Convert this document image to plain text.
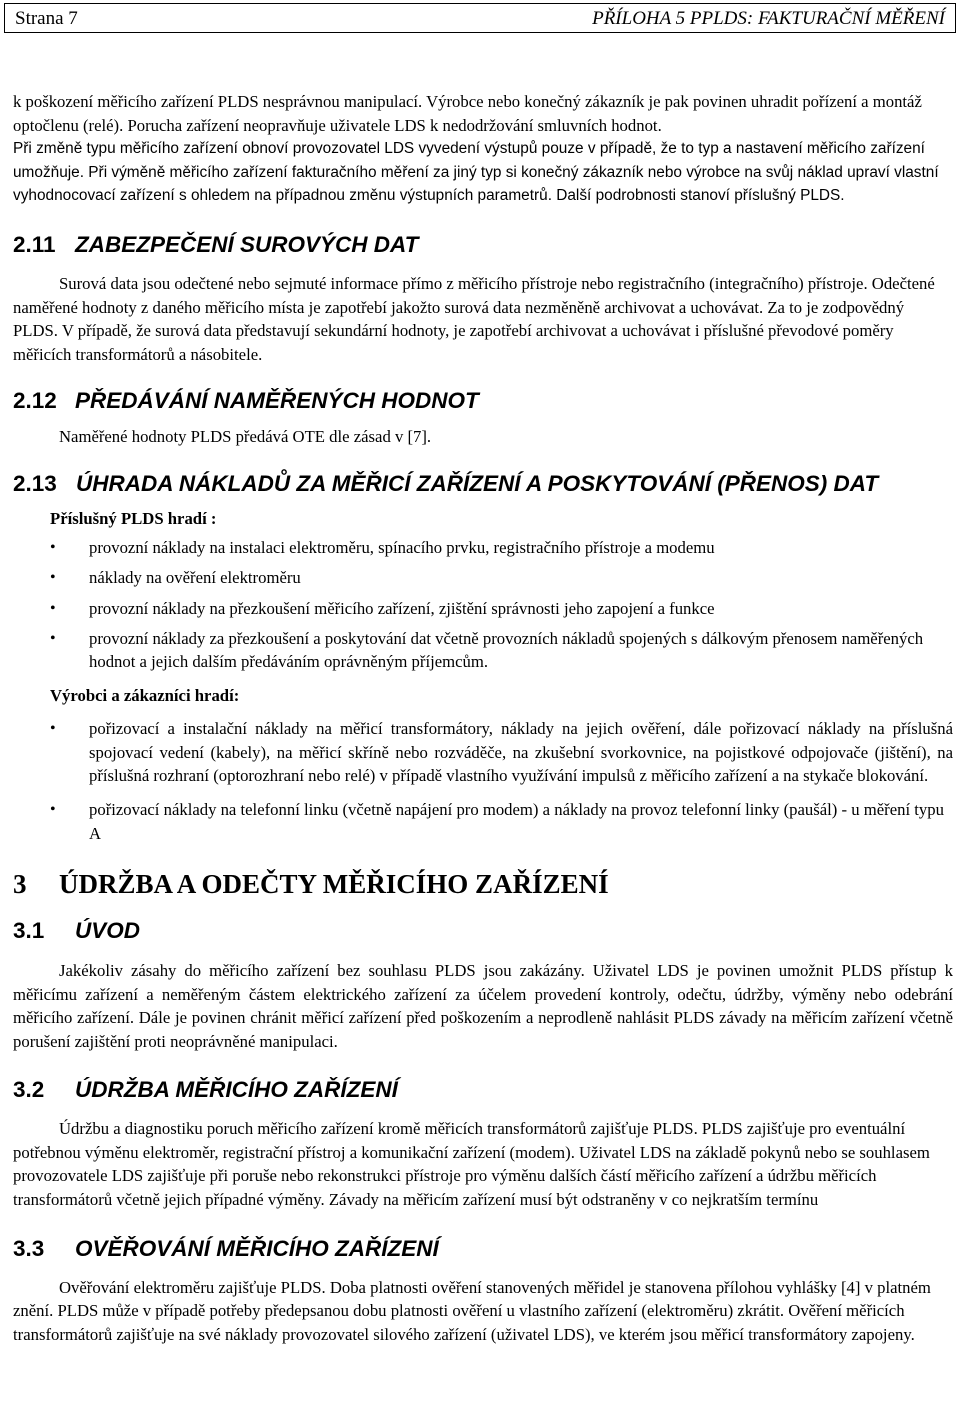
Strana 7	PŘÍLOHA 5 PPLDS: FAKTURAČNÍ MĚŘENÍ

k poškození měřicího zařízení PLDS nesprávnou manipulací. Výrobce nebo konečný zákazník je pak povinen uhradit pořízení a montáž optočlenu (relé). Porucha zařízení neopravňuje uživatele LDS k nedodržování smluvních hodnot.

Při změně typu měřicího zařízení obnoví provozovatel LDS vyvedení výstupů pouze v případě, že to typ a nastavení měřicího zařízení umožňuje. Při výměně měřicího zařízení fakturačního měření za jiný typ si konečný zákazník nebo výrobce na svůj náklad upraví vlastní vyhodnocovací zařízení s ohledem na případnou změnu výstupních parametrů. Další podrobnosti stanoví příslušný PLDS.

2.11 ZABEZPEČENÍ SUROVÝCH DAT

Surová data jsou odečtené nebo sejmuté informace přímo z měřicího přístroje nebo registračního (integračního) přístroje. Odečtené naměřené hodnoty z daného měřicího místa je zapotřebí jakožto surová data nezměněně archivovat a uchovávat. Za to je zodpovědný PLDS. V případě, že surová data představují sekundární hodnoty, je zapotřebí archivovat a uchovávat i příslušné převodové poměry měřicích transformátorů a násobitele.

2.12 PŘEDÁVÁNÍ NAMĚŘENÝCH HODNOT

Naměřené hodnoty PLDS předává OTE dle zásad v [7].

2.13 ÚHRADA NÁKLADŮ ZA MĚŘICÍ ZAŘÍZENÍ A POSKYTOVÁNÍ (PŘENOS) DAT

Příslušný PLDS hradí :

• provozní náklady na instalaci elektroměru, spínacího prvku, registračního přístroje a modemu
• náklady na ověření elektroměru
• provozní náklady na přezkoušení měřicího zařízení, zjištění správnosti jeho zapojení a funkce
• provozní náklady za přezkoušení a poskytování dat včetně provozních nákladů spojených s dálkovým přenosem naměřených hodnot a jejich dalším předáváním oprávněným příjemcům.

Výrobci a zákazníci hradí:

• pořizovací a instalační náklady na měřicí transformátory, náklady na jejich ověření, dále pořizovací náklady na příslušná spojovací vedení (kabely), na měřicí skříně nebo rozváděče, na zkušební svorkovnice, na pojistkové odpojovače (jištění), na příslušná rozhraní (optorozhraní nebo relé) v případě vlastního využívání impulsů z měřicího zařízení a na stykače blokování.
• pořizovací náklady na telefonní linku (včetně napájení pro modem) a náklady na provoz telefonní linky (paušál) - u měření typu A
3 ÚDRŽBA A ODEČTY MĚŘICÍHO ZAŘÍZENÍ
3.1 ÚVOD

Jakékoliv zásahy do měřicího zařízení bez souhlasu PLDS jsou zakázány. Uživatel LDS je povinen umožnit PLDS přístup k měřicímu zařízení a neměřeným částem elektrického zařízení za účelem provedení kontroly, odečtu, údržby, výměny nebo odebrání měřicího zařízení. Dále je povinen chránit měřicí zařízení před poškozením a neprodleně nahlásit PLDS závady na měřicím zařízení včetně porušení zajištění proti neoprávněné manipulaci.

3.2 ÚDRŽBA MĚŘICÍHO ZAŘÍZENÍ

Údržbu a diagnostiku poruch měřicího zařízení kromě měřicích transformátorů zajišťuje PLDS. PLDS zajišťuje pro eventuální potřebnou výměnu elektroměr, registrační přístroj a komunikační zařízení (modem). Uživatel LDS na základě pokynů nebo se souhlasem provozovatele LDS zajišťuje při poruše nebo rekonstrukci přístroje pro výměnu dalších částí měřicího zařízení a údržbu měřicích transformátorů včetně jejich případné výměny. Závady na měřicím zařízení musí být odstraněny v co nejkratším termínu

3.3 OVĚŘOVÁNÍ MĚŘICÍHO ZAŘÍZENÍ

Ověřování elektroměru zajišťuje PLDS. Doba platnosti ověření stanovených měřidel je stanovena přílohou vyhlášky [4] v platném znění. PLDS může v případě potřeby předepsanou dobu platnosti ověření u vlastního zařízení (elektroměru) zkrátit. Ověření měřicích transformátorů zajišťuje na své náklady provozovatel silového zařízení (uživatel LDS), ve kterém jsou měřicí transformátory zapojeny.
